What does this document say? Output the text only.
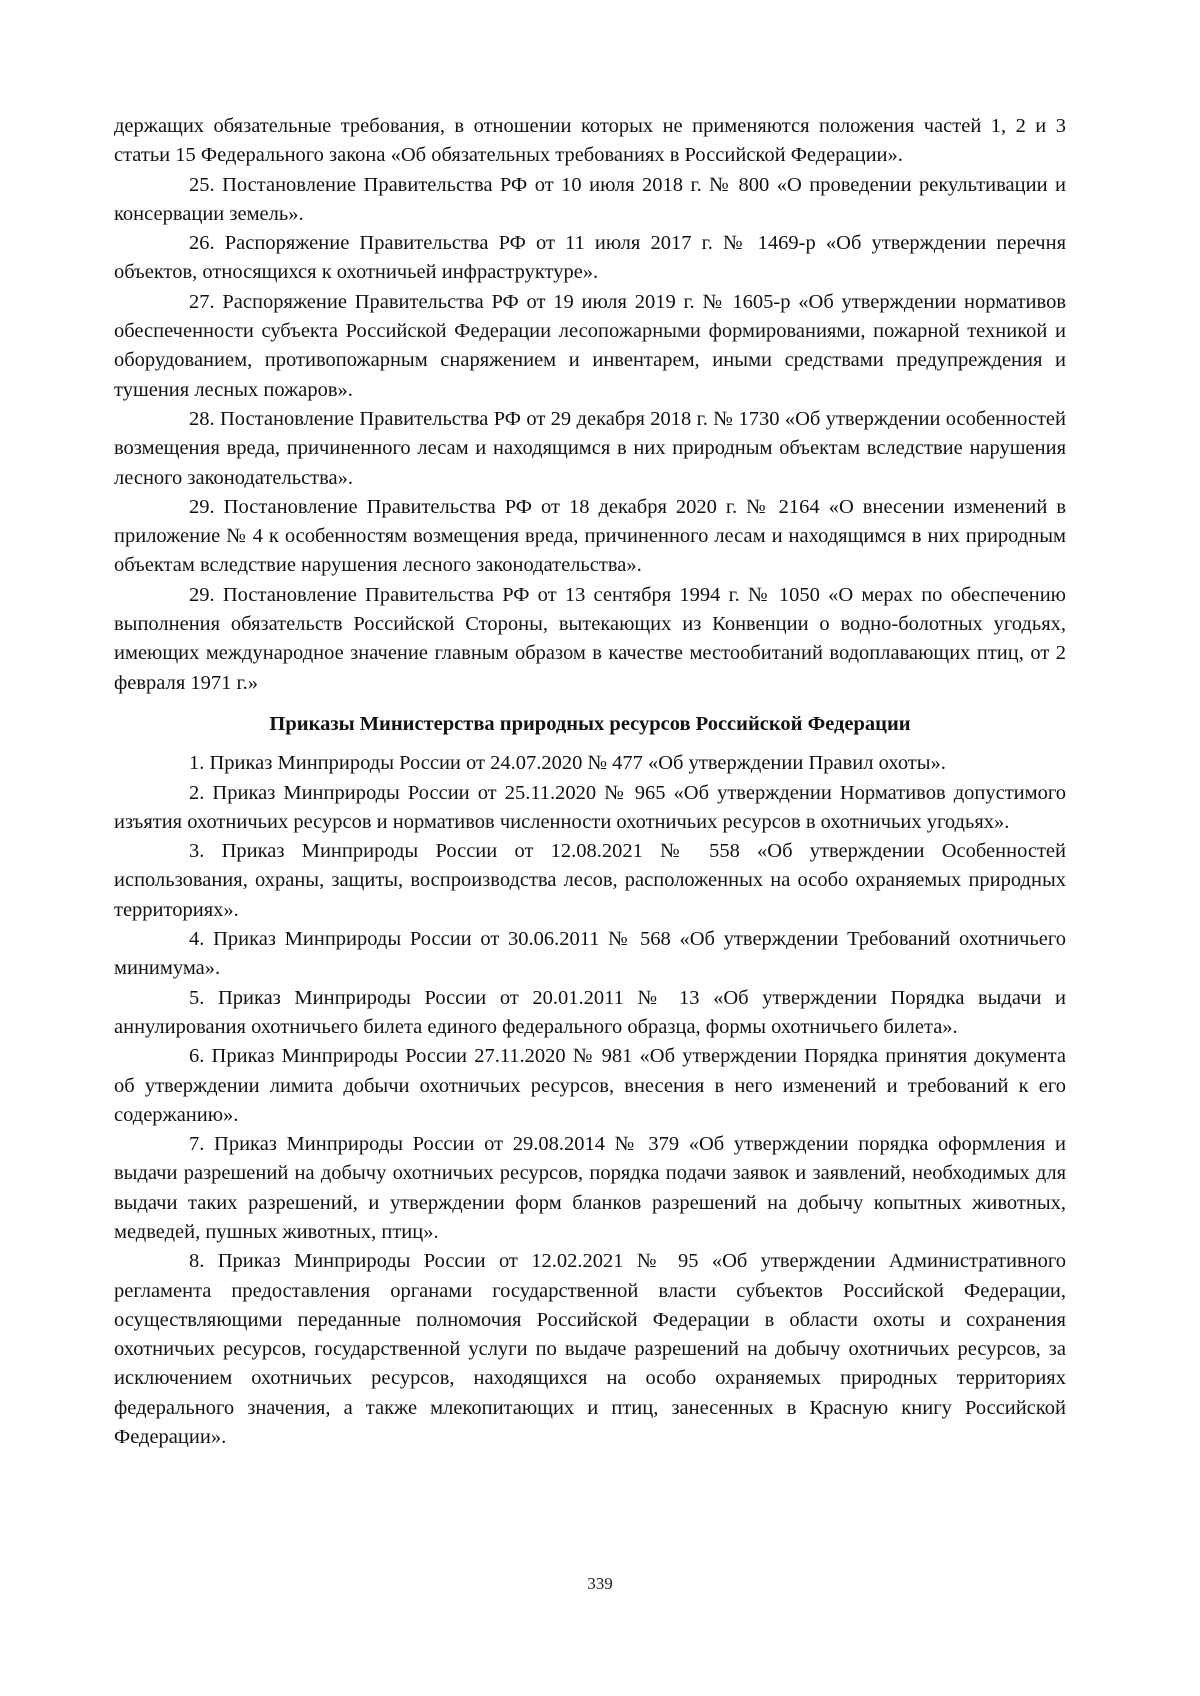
держащих обязательные требования, в отношении которых не применяются положения частей 1, 2 и 3 статьи 15 Федерального закона «Об обязательных требованиях в Российской Федерации».

25. Постановление Правительства РФ от 10 июля 2018 г. № 800 «О проведении рекультивации и консервации земель».

26. Распоряжение Правительства РФ от 11 июля 2017 г. № 1469-р «Об утверждении перечня объектов, относящихся к охотничьей инфраструктуре».

27. Распоряжение Правительства РФ от 19 июля 2019 г. № 1605-р «Об утверждении нормативов обеспеченности субъекта Российской Федерации лесопожарными формированиями, пожарной техникой и оборудованием, противопожарным снаряжением и инвентарем, иными средствами предупреждения и тушения лесных пожаров».

28. Постановление Правительства РФ от 29 декабря 2018 г. № 1730 «Об утверждении особенностей возмещения вреда, причиненного лесам и находящимся в них природным объектам вследствие нарушения лесного законодательства».

29. Постановление Правительства РФ от 18 декабря 2020 г. № 2164 «О внесении изменений в приложение № 4 к особенностям возмещения вреда, причиненного лесам и находящимся в них природным объектам вследствие нарушения лесного законодательства».

29. Постановление Правительства РФ от 13 сентября 1994 г. № 1050 «О мерах по обеспечению выполнения обязательств Российской Стороны, вытекающих из Конвенции о водно-болотных угодьях, имеющих международное значение главным образом в качестве местообитаний водоплавающих птиц, от 2 февраля 1971 г.»

Приказы Министерства природных ресурсов Российской Федерации

1. Приказ Минприроды России от 24.07.2020 № 477 «Об утверждении Правил охоты».

2. Приказ Минприроды России от 25.11.2020 № 965 «Об утверждении Нормативов допустимого изъятия охотничьих ресурсов и нормативов численности охотничьих ресурсов в охотничьих угодьях».

3. Приказ Минприроды России от 12.08.2021 № 558 «Об утверждении Особенностей использования, охраны, защиты, воспроизводства лесов, расположенных на особо охраняемых природных территориях».

4. Приказ Минприроды России от 30.06.2011 № 568 «Об утверждении Требований охотничьего минимума».

5. Приказ Минприроды России от 20.01.2011 № 13 «Об утверждении Порядка выдачи и аннулирования охотничьего билета единого федерального образца, формы охотничьего билета».

6. Приказ Минприроды России 27.11.2020 № 981 «Об утверждении Порядка принятия документа об утверждении лимита добычи охотничьих ресурсов, внесения в него изменений и требований к его содержанию».

7. Приказ Минприроды России от 29.08.2014 № 379 «Об утверждении порядка оформления и выдачи разрешений на добычу охотничьих ресурсов, порядка подачи заявок и заявлений, необходимых для выдачи таких разрешений, и утверждении форм бланков разрешений на добычу копытных животных, медведей, пушных животных, птиц».

8. Приказ Минприроды России от 12.02.2021 № 95 «Об утверждении Административного регламента предоставления органами государственной власти субъектов Российской Федерации, осуществляющими переданные полномочия Российской Федерации в области охоты и сохранения охотничьих ресурсов, государственной услуги по выдаче разрешений на добычу охотничьих ресурсов, за исключением охотничьих ресурсов, находящихся на особо охраняемых природных территориях федерального значения, а также млекопитающих и птиц, занесенных в Красную книгу Российской Федерации».

339
